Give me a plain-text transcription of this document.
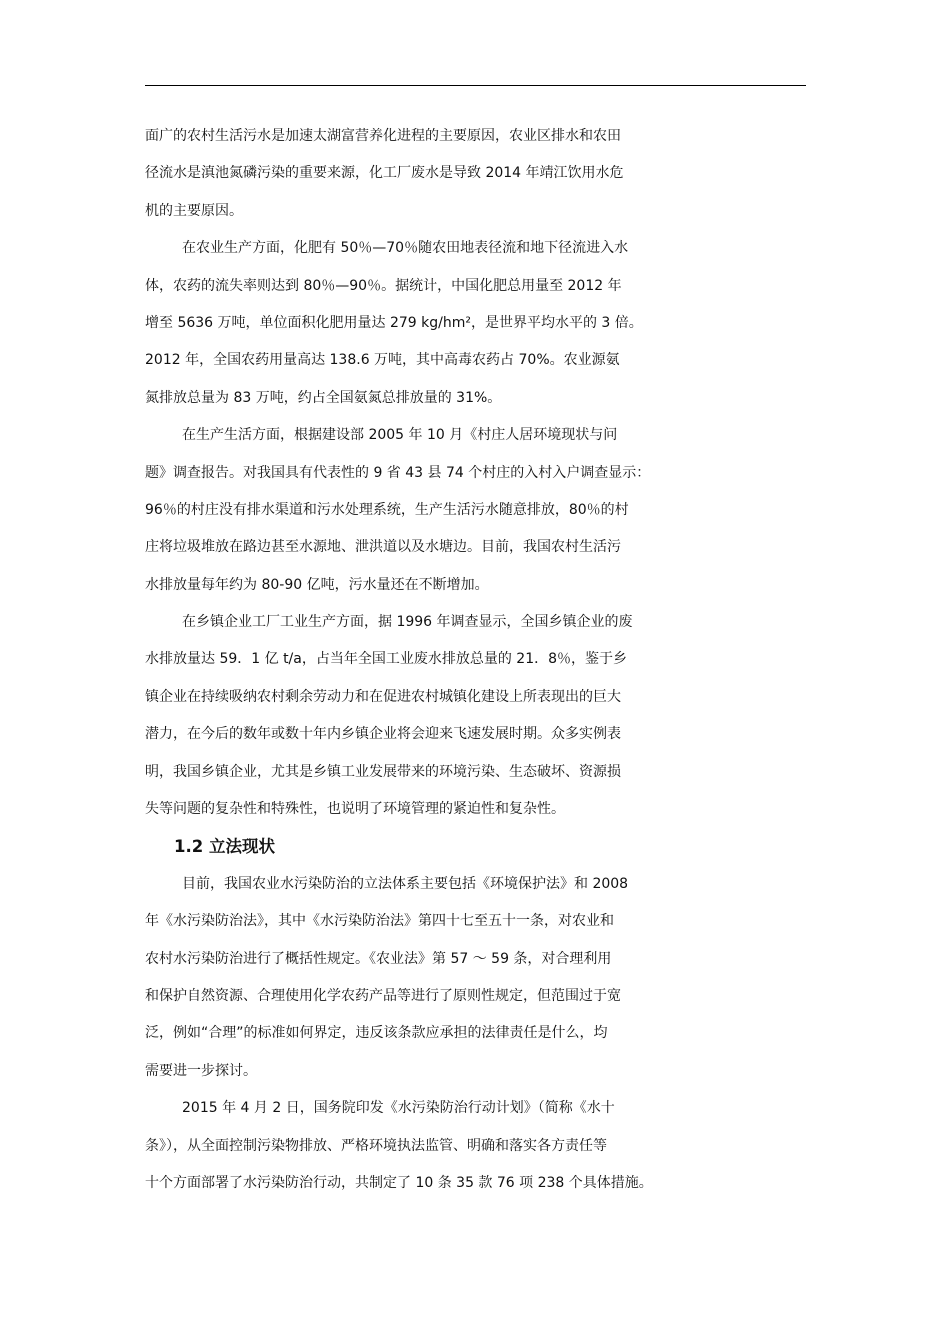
面广的农村生活污水是加速太湖富营养化进程的主要原因，农业区排水和农田
径流水是滇池氮磷污染的重要来源，化工厂废水是导致 2014 年靖江饮用水危
机的主要原因。
在农业生产方面，化肥有 50％—70％随农田地表径流和地下径流进入水
体，农药的流失率则达到 80％—90％。据统计，中国化肥总用量至 2012 年
增至 5636 万吨，单位面积化肥用量达 279 kg/hm²，是世界平均水平的 3 倍。
2012 年，全国农药用量高达 138.6 万吨，其中高毒农药占 70%。农业源氨
氮排放总量为 83 万吨，约占全国氨氮总排放量的 31%。
在生产生活方面，根据建设部 2005 年 10 月《村庄人居环境现状与问
题》调查报告。对我国具有代表性的 9 省 43 县 74 个村庄的入村入户调查显示：
96％的村庄没有排水渠道和污水处理系统，生产生活污水随意排放，80％的村
庄将垃圾堆放在路边甚至水源地、泄洪道以及水塘边。目前，我国农村生活污
水排放量每年约为 80-90 亿吨，污水量还在不断增加。
在乡镇企业工厂工业生产方面，据 1996 年调查显示，全国乡镇企业的废
水排放量达 59．1 亿 t/a，占当年全国工业废水排放总量的 21．8％，鉴于乡
镇企业在持续吸纳农村剩余劳动力和在促进农村城镇化建设上所表现出的巨大
潜力，在今后的数年或数十年内乡镇企业将会迎来飞速发展时期。众多实例表
明，我国乡镇企业，尤其是乡镇工业发展带来的环境污染、生态破坏、资源损
失等问题的复杂性和特殊性，也说明了环境管理的紧迫性和复杂性。
1.2 立法现状
目前，我国农业水污染防治的立法体系主要包括《环境保护法》和 2008
年《水污染防治法》，其中《水污染防治法》第四十七至五十一条，对农业和
农村水污染防治进行了概括性规定。《农业法》第 57 ～ 59 条，对合理利用
和保护自然资源、合理使用化学农药产品等进行了原则性规定，但范围过于宽
泛，例如“合理”的标准如何界定，违反该条款应承担的法律责任是什么，均
需要进一步探讨。
2015 年 4 月 2 日，国务院印发《水污染防治行动计划》（简称《水十
条》），从全面控制污染物排放、严格环境执法监管、明确和落实各方责任等
十个方面部署了水污染防治行动，共制定了 10 条 35 款 76 项 238 个具体措施。
